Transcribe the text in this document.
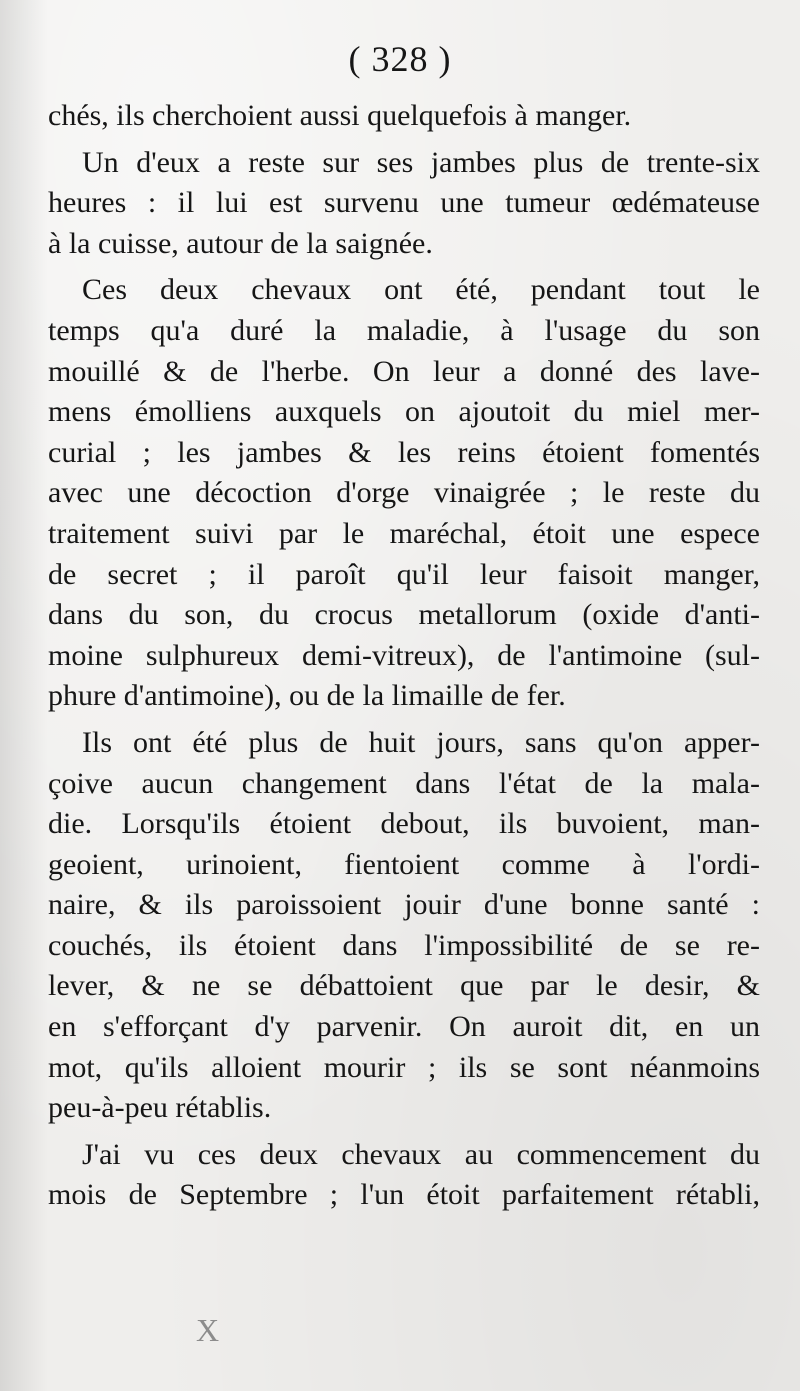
( 328 )
chés, ils cherchoient aussi quelquefois à manger.
Un d'eux a reste sur ses jambes plus de trente-six
heures : il lui est survenu une tumeur œdémateuse
à la cuisse, autour de la saignée.
Ces deux chevaux ont été, pendant tout le
temps qu'a duré la maladie, à l'usage du son
mouillé & de l'herbe. On leur a donné des lave-
mens émolliens auxquels on ajoutoit du miel mer-
curial ; les jambes & les reins étoient fomentés
avec une décoction d'orge vinaigrée ; le reste du
traitement suivi par le maréchal, étoit une espece
de secret ; il paroît qu'il leur faisoit manger,
dans du son, du crocus metallorum (oxide d'anti-
moine sulphureux demi-vitreux), de l'antimoine (sul-
phure d'antimoine), ou de la limaille de fer.
Ils ont été plus de huit jours, sans qu'on apper-
çoive aucun changement dans l'état de la mala-
die. Lorsqu'ils étoient debout, ils buvoient, man-
geoient, urinoient, fientoient comme à l'ordi-
naire, & ils paroissoient jouir d'une bonne santé :
couchés, ils étoient dans l'impossibilité de se re-
lever, & ne se débattoient que par le desir, &
en s'efforçant d'y parvenir. On auroit dit, en un
mot, qu'ils alloient mourir ; ils se sont néanmoins
peu-à-peu rétablis.
J'ai vu ces deux chevaux au commencement du
mois de Septembre ; l'un étoit parfaitement rétabli,
X
